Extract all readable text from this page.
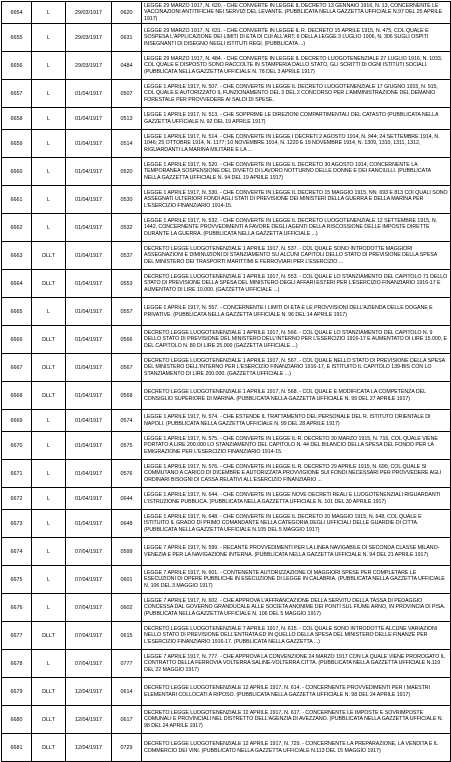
6654	L	29/03/1917	0620	LEGGE 29 MARZO 1917, N. 620. - CHE CONVERTE IN LEGGE IL DECRETO 13 GENNAIO 1916, N. 13, CONCERNENTE LE VACCINAZIONI ANTITIFICHE NEI SERVIZI DEL LEVANTE. (PUBBLICATA NELLA GAZZETTA UFFICIALE N.97 DEL 25 APRILE 1917)
6655	L	29/03/1917	0631	LEGGE 29 MARZO 1917, N. 631. - CHE CONVERTE IN LEGGE IL R. DECRETO 15 APRILE 1915, N. 475, COL QUALE E SOSPESA L'APPLICAZIONE DEI LIMITI DI ETA DI CUI ALL'ART. 6 DELLA LEGGE 3 LUGLIO 1906, N. 306 SUGLI OSPITI INSEGNANTI DI DISEGNO NEGLI ISTITUTI REGI. (PUBBLICATA ...)
6656	L	29/03/1917	0484	LEGGE 29 MARZO 1917, N. 484. - CHE CONVERTE IN LEGGE IL DECRETO LUOGOTENENZIALE 27 LUGLIO 1916, N. 1033, COL QUALE E DISPOSTO SONO RACCOLTE IN STAMPERIA DALLO STATO, GLI SCRITTI DI OGNI ISTITUTI SOCIALI. (PUBBLICATA NELLA GAZZETTA UFFICIALE N. 78 DEL 3 APRILE 1917)
6657	L	01/04/1917	0507	LEGGE 1 APRILE 1917, N. 507. - CHE CONVERTE IN LEGGE IL DECRETO LUOGOTENENZIALE 17 GIUGNO 1915, N. 915, COL QUALE E AUTORIZZATO IL FUNZIONAMENTO DEL 3 DEL 2 CONCORSO PER L'AMMINISTRAZIONE DEL DEMANIO FORESTALE PER PROVVEDERE AI SALDI DI SPESE.
6658	L	01/04/1917	0513	LEGGE 1 APRILE 1917, N. 513. - CHE SOPPRIME LE DIREZIONI COMPARTIMENTALI DEL CATASTO (PUBBLICATA NELLA GAZZETTA UFFICIALE N. 92 DEL 19 APRILE 1917)
6659	L	01/04/1917	0514	LEGGE 1 APRILE 1917, N. 514. - CHE CONVERTE IN LEGGE I DECRETI 2 AGOSTO 1914, N. 944; 24 SETTEMBRE 1914, N. 1046; 25 OTTOBRE 1914, N. 1177; 10 NOVEMBRE 1914, N. 1220 E 19 NOVEMBRE 1914, N. 1309, 1310, 1311, 1312, RIGUARDANTI LA MARINA MILITARE E LA ...
6660	L	01/04/1917	0520	LEGGE 1 APRILE 1917, N. 520. - CHE CONVERTE IN LEGGE IL DECRETO 30 AGOSTO 1914, CONCERNENTE LA TEMPORANEA SOSPENSIONE DEL DIVIETO DI LAVORO NOTTURNO DELLE DONNE E DEI FANCIULLI. (PUBBLICATA NELLA GAZZETTA UFFICIALE N. 94 DEL 19 APRILE 1917)
6661	L	01/04/1917	0530	LEGGE 1 APRILE 1917, N. 530. - CHE CONVERTE IN LEGGE IL DECRETO 15 MAGGIO 1915, NN. 693 E 813 COI QUALI SONO ASSEGNATI ULTERIORI FONDI AGLI STATI DI PREVISIONE DEI MINISTERI DELLA GUERRA E DELLA MARINA PER L'ESERCIZIO FINANZIARIO 1914-15.
6662	L	01/04/1917	0532	LEGGE 1 APRILE 1917, N. 532. - CHE CONVERTE IN LEGGE IL DECRETO LUOGOTENENZIALE 12 SETTEMBRE 1915, N. 1442, CONCERNENTE PROVVEDIMENTI A FAVORE DEGLI AGENTI DELLA RISCOSSIONE DELLE IMPOSTE DIRETTE DURANTE LA GUERRA. (PUBBLICATA NELLA GAZZETTA UFFICIALE ...)
6663	DLLT	01/04/1917	0537	DECRETO LEGGE LUOGOTENENZIALE 1 APRILE 1917, N. 537. - COL QUALE SONO INTRODOTTE MAGGIORI ASSEGNAZIONI E DIMINUZIONI DI STANZIAMENTO SU ALCUNI CAPITOLI DELLO STATO DI PREVISIONE DELLA SPESA DEL MINISTERO DEI TRASPORTI MARITTIMI E FERROVIARI PER L'ESERCIZIO ...
6664	DLLT	01/04/1917	0553	DECRETO LEGGE LUOGOTENENZIALE 1 APRILE 1917, N. 553. - COL QUALE LO STANZIAMENTO DEL CAPITOLO 71 DELLO STATO DI PREVISIONE DELLA SPESA DEL MINISTERO DEGLI AFFARI ESTERI PER L'ESERCIZIO FINANZIARIO 1916-17 E AUMENTATO DI LIRE 10.000. (GAZZETTA UFFICIALE ...)
6665	L	01/04/1917	0557	LEGGE 1 APRILE 1917, N. 557. - CONCERNENTE I LIMITI DI ETA E LE PROVVISIONI DELL'AZIENDA DELLE DOGANE E PRIVATIVE. (PUBBLICATA NELLA GAZZETTA UFFICIALE N. 96 DEL 14 APRILE 1917)
6666	DLLT	01/04/1917	0566	DECRETO LEGGE LUOGOTENENZIALE 1 APRILE 1917, N. 566. - COL QUALE LO STANZIAMENTO DEL CAPITOLO N. 9 DELLO STATO DI PREVISIONE DEL MINISTERO DELL'INTERNO PER L'ESERCIZIO 1916-17 E AUMENTATO DI LIRE 15.000, E DEL CAPITOLO N. 80 DI LIRE 25.000 (GAZZETTA UFFICIALE ...)
6667	DLLT	01/04/1917	0567	DECRETO LEGGE LUOGOTENENZIALE 1 APRILE 1917, N. 567. - COL QUALE NELLO STATO DI PREVISIONE DELLA SPESA DEL MINISTERO DELL'INTERNO PER L'ESERCIZIO FINANZIARIO 1916-17, E ISTITUITO IL CAPITOLO 139-BIS CON LO STANZIAMENTO DI LIRE 200.000. (GAZZETTA UFFICIALE ...)
6668	DLLT	01/04/1917	0568	DECRETO LEGGE LUOGOTENENZIALE 1 APRILE 1917, N. 568. - COL QUALE E MODIFICATA LA COMPETENZA DEL CONSIGLIO SUPERIORE DI MARINA. (PUBBLICATA NELLA GAZZETTA UFFICIALE N. 99 DEL 27 APRILE 1917)
6669	L	01/04/1917	0574	LEGGE 1 APRILE 1917, N. 574. - CHE ESTENDE IL TRATTAMENTO DEL PERSONALE DEL R. ISTITUTO ORIENTALE DI NAPOLI. (PUBBLICATA NELLA GAZZETTA UFFICIALE N. 99 DEL 28 APRILE 1917)
6670	L	01/04/1917	0575	LEGGE 1 APRILE 1917, N. 575. - CHE CONVERTE IN LEGGE IL R. DECRETO 30 MARZO 1915, N. 716, COL QUALE VIENE PORTATO A LIRE 200.000 LO STANZIAMENTO DEL CAPITOLO N. 44 DEL BILANCIO DELLA SPESA DEL FONDO PER LA EMIGRAZIONE PER L'ESERCIZIO FINANZIARIO 1914-15.
6671	L	01/04/1917	0576	LEGGE 1 APRILE 1917, N. 576. - CHE CONVERTE IN LEGGE IL R. DECRETO 29 APRILE 1915, N. 690, COL QUALE SI COMMUTANO A CARICO DI DICEMBRE E AUTORIZZATA PROVVIGIONE SUI FONDI NECESSARI PER PROVVEDERE AGLI ORDINARI BISOGNI DI CASSA RELATIVI ALL'ESERCIZIO FINANZIARIO ...
6672	L	01/04/1917	0644	LEGGE 1 APRILE 1917, N. 644. - CHE CONVERTE IN LEGGE NOVE DECRETI REALI E LUOGOTENENZIALI RIGUARDANTI L'ISTRUZIONE PUBBLICA. (PUBBLICATA NELLA GAZZETTA UFFICIALE N. 101 DEL 30 APRILE 1917)
6673	L	01/04/1917	0648	LEGGE 1 APRILE 1917, N. 648. - CHE CONVERTE IN LEGGE IL DECRETO 20 MAGGIO 1915, N. 648, COL QUALE E ISTITUITO IL GRADO DI PRIMO COMANDANTE NELLA CATEGORIA DEGLI UFFICIALI DELLE GUARDIE DI CITTA. (PUBBLICATA NELLA GAZZETTA UFFICIALE N.105 DEL 5 MAGGIO 1917)
6674	L	07/04/1917	0599	LEGGE 7 APRILE 1917, N. 599. - RECANTE PROVVEDIMENTI PER LA LINEA NAVIGABILE DI SECONDA CLASSE MILANO-VENEZIA E PER LA NAVIGAZIONE INTERNA. (PUBBLICATA NELLA GAZZETTA UFFICIALE N. 94 DEL 21 APRILE 1917)
6675	L	07/04/1917	0601	LEGGE 7 APRILE 1917, N. 601. - CONTENENTE AUTORIZZAZIONE DI MAGGIORI SPESE PER COMPLETARE LE ESECUZIONI DI OPERE PUBBLICHE IN ESECUZIONE DI LEGGE IN CALABRIA. (PUBBLICATA NELLA GAZZETTA UFFICIALE N. 106 DEL 3 MAGGIO 1917)
6676	L	07/04/1917	0602	LEGGE 7 APRILE 1917, N. 602. - CHE APPROVA L'AFFRANCAZIONE DELLA SERVITU DELLA TASSA DI PEDAGGIO CONCESSA DAL GOVERNO GRANDUCALE ALLE SOCIETA ANONIME DEI PONTI SUL FIUME ARNO, IN PROVINCIA DI PISA. (PUBBLICATA NELLA GAZZETTA UFFICIALE N. 106 DEL 5 MAGGIO 1917)
6677	DLLT	07/04/1917	0615	DECRETO LEGGE LUOGOTENENZIALE 7 APRILE 1917, N. 615. - COL QUALE SONO INTRODOTTE ALCUNE VARIAZIONI NELLO STATO DI PREVISIONE DELL'ENTRATA ED IN QUELLO DELLA SPESA DEL MINISTERO DELLE FINANZE PER L'ESERCIZIO FINANZIARIO 1916-17. (PUBBLICATA NELLA GAZZETTA ...)
6678	L	07/04/1917	0777	LEGGE 7 APRILE 1917, N. 777. - CHE APPROVA LA CONVENZIONE 24 MARZO 1917 CON LA QUALE VIENE PROROGATO IL CONTRATTO DELLA FERROVIA VOLTERRA SALINE-VOLTERRA CITTA. (PUBBLICATA NELLA GAZZETTA UFFICIALE N.119 DEL 22 MAGGIO 1917)
6679	DLLT	12/04/1917	0614	DECRETO LEGGE LUOGOTENENZIALE 12 APRILE 1917, N. 614. - CONCERNENTE PROVVEDIMENTI PER I MAESTRI ELEMENTARI COLLOCATI A RIPOSO. (PUBBLICATA NELLA GAZZETTA UFFICIALE N. 98 DEL 24 APRILE 1917)
6680	DLLT	12/04/1917	0617	DECRETO LEGGE LUOGOTENENZIALE 12 APRILE 1917, N. 617. - CONCERNENTE LE IMPOSTE E SOVRIMPOSTE COMUNALI E PROVINCIALI NEL DISTRETTO DELL'AGENZIA DI AVEZZANO. (PUBBLICATA NELLA GAZZETTA UFFICIALE N. 98 DEL 24 APRILE 1917)
6681	DLLT	12/04/1917	0729	DECRETO LEGGE LUOGOTENENZIALE 12 APRILE 1917, N. 729. - CONCERNENTE LA PREPARAZIONE, LA VENDITA E IL COMMERCIO DEI VINI. (PUBBLICATO NELLA GAZZETTA UFFICIALE N.113 DEL 15 MAGGIO 1917)
